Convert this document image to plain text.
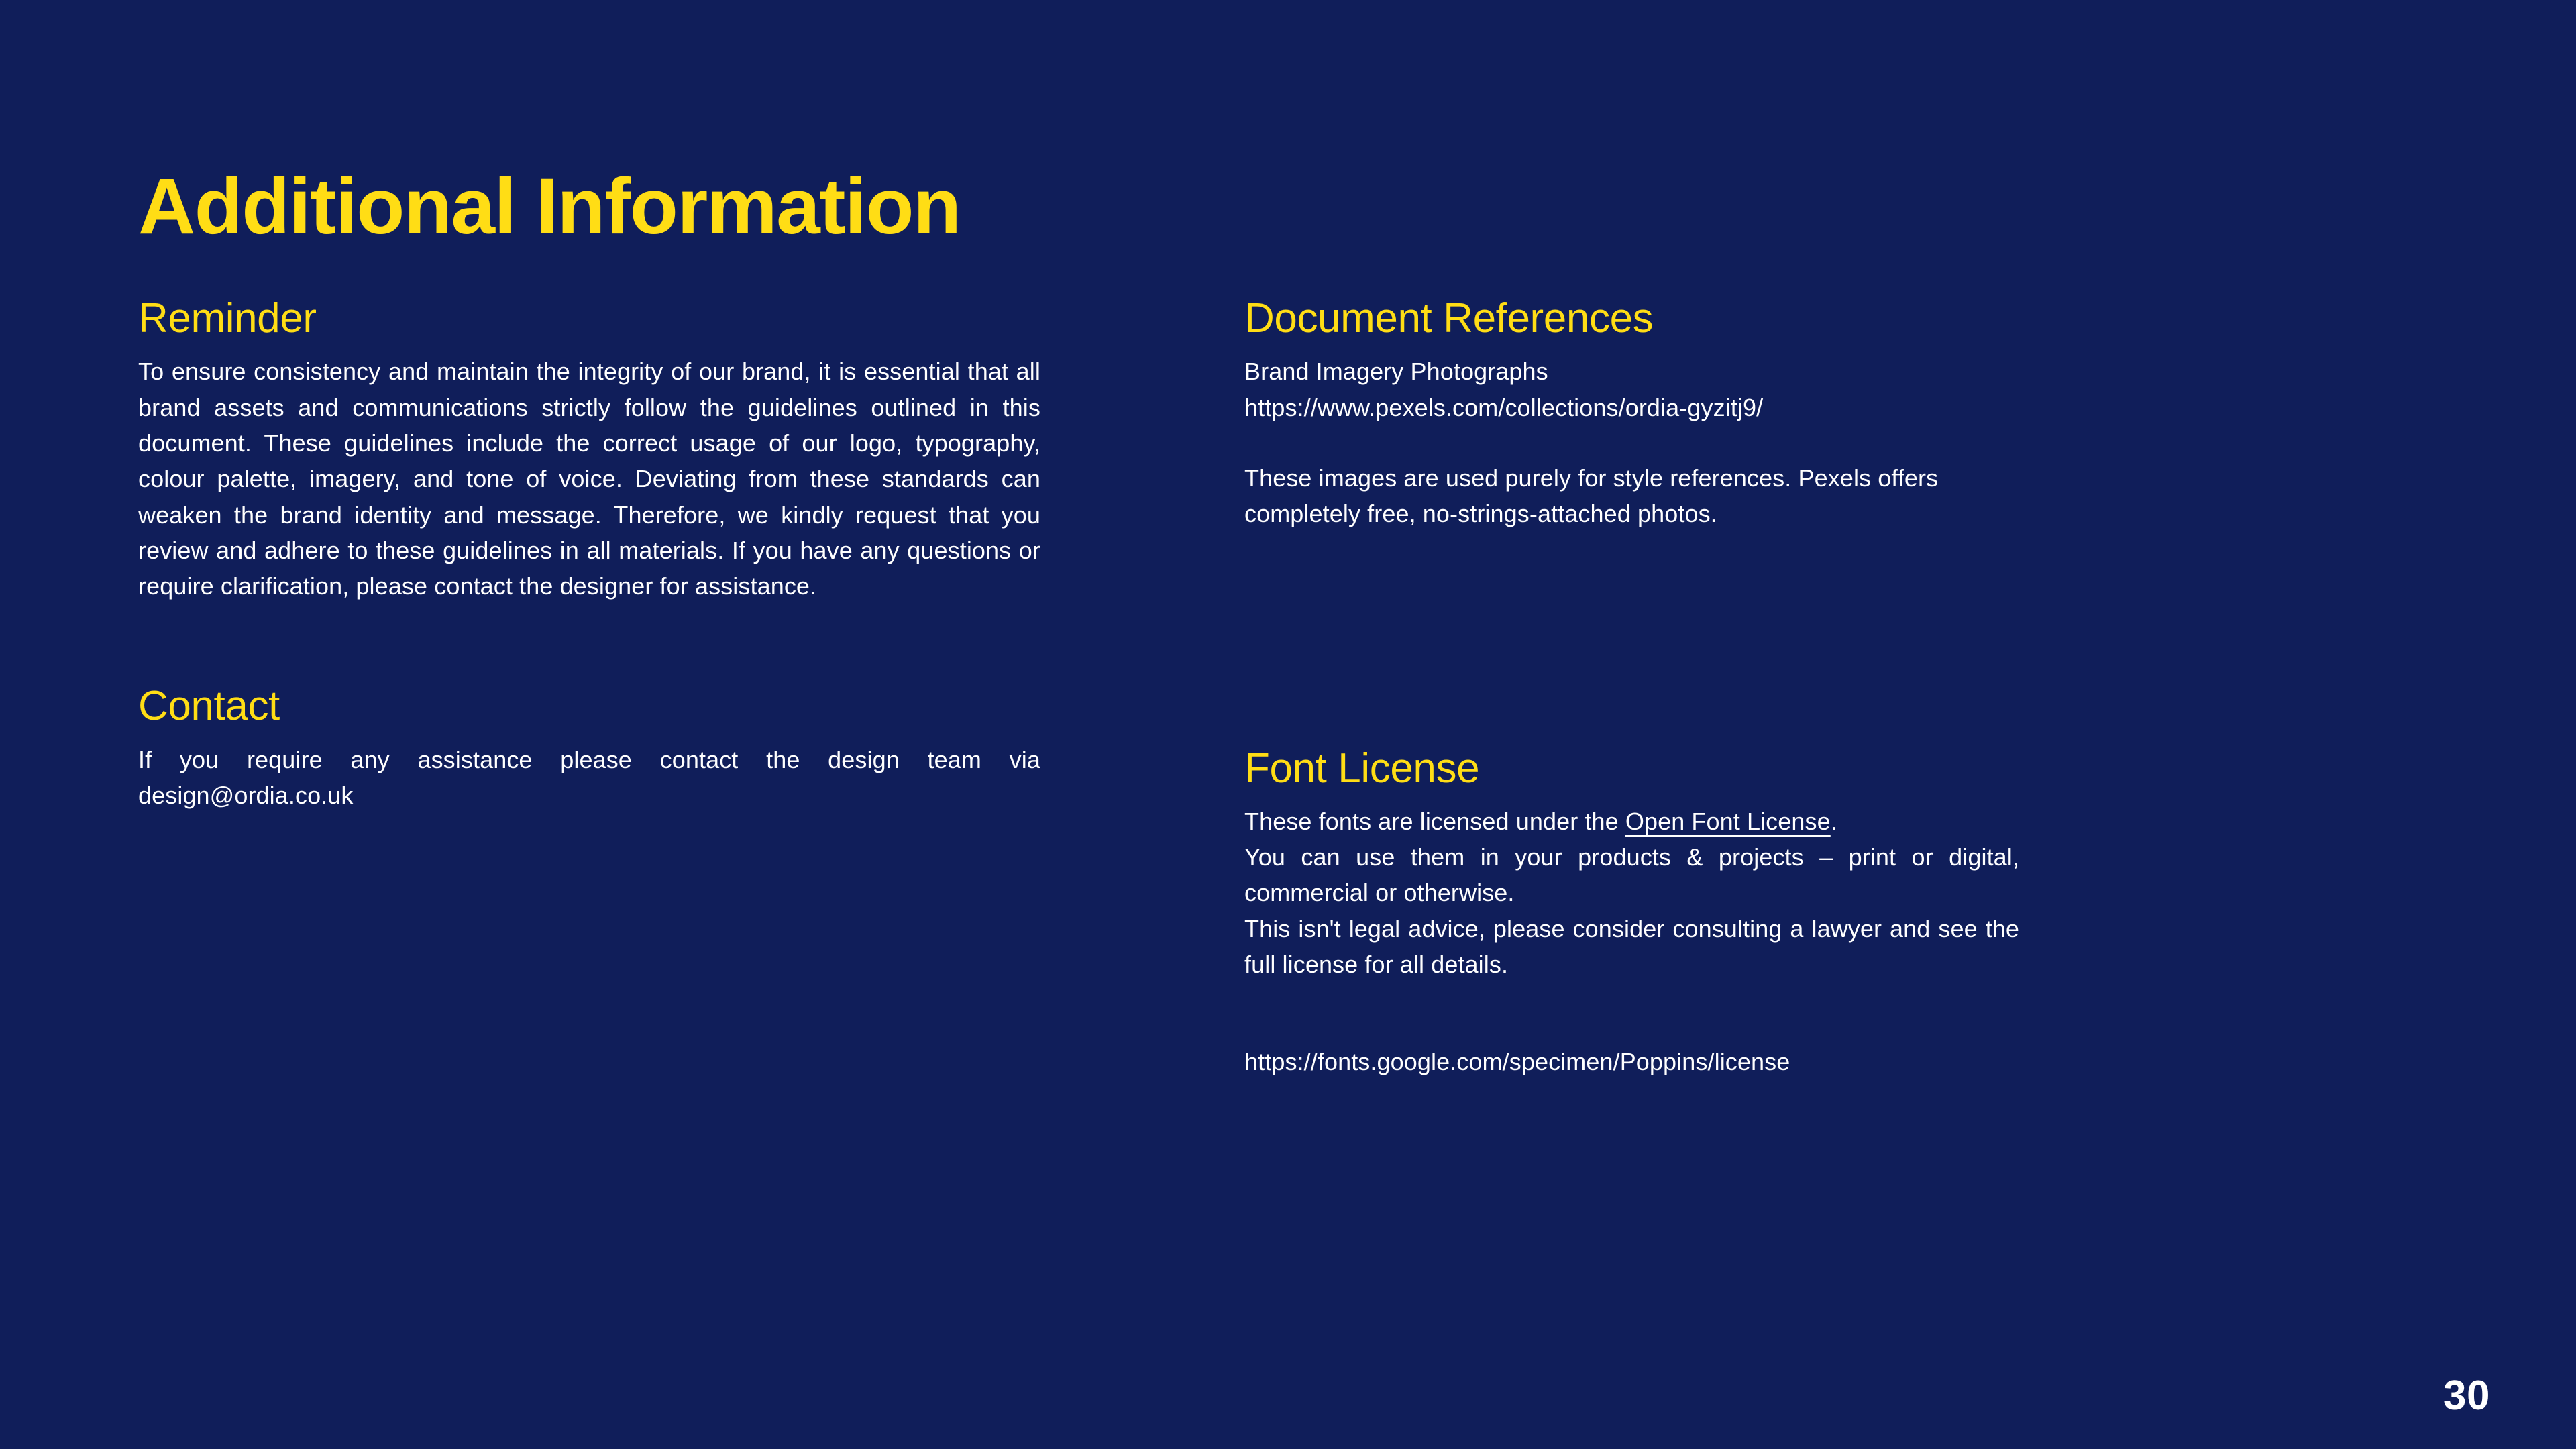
Additional Information
Reminder

To ensure consistency and maintain the integrity of our brand, it is essential that all brand assets and communications strictly follow the guidelines outlined in this document. These guidelines include the correct usage of our logo, typography, colour palette, imagery, and tone of voice. Deviating from these standards can weaken the brand identity and message. Therefore, we kindly request that you review and adhere to these guidelines in all materials. If you have any questions or require clarification, please contact the designer for assistance.

Contact

If you require any assistance please contact the design team via design@ordia.co.uk

Document References

Brand Imagery Photographs

https://www.pexels.com/collections/ordia-gyzitj9/

These images are used purely for style references. Pexels offers completely free, no-strings-attached photos.

Font License

These fonts are licensed under the Open Font License.

You can use them in your products & projects – print or digital, commercial or otherwise.

This isn't legal advice, please consider consulting a lawyer and see the full license for all details.

https://fonts.google.com/specimen/Poppins/license

30
